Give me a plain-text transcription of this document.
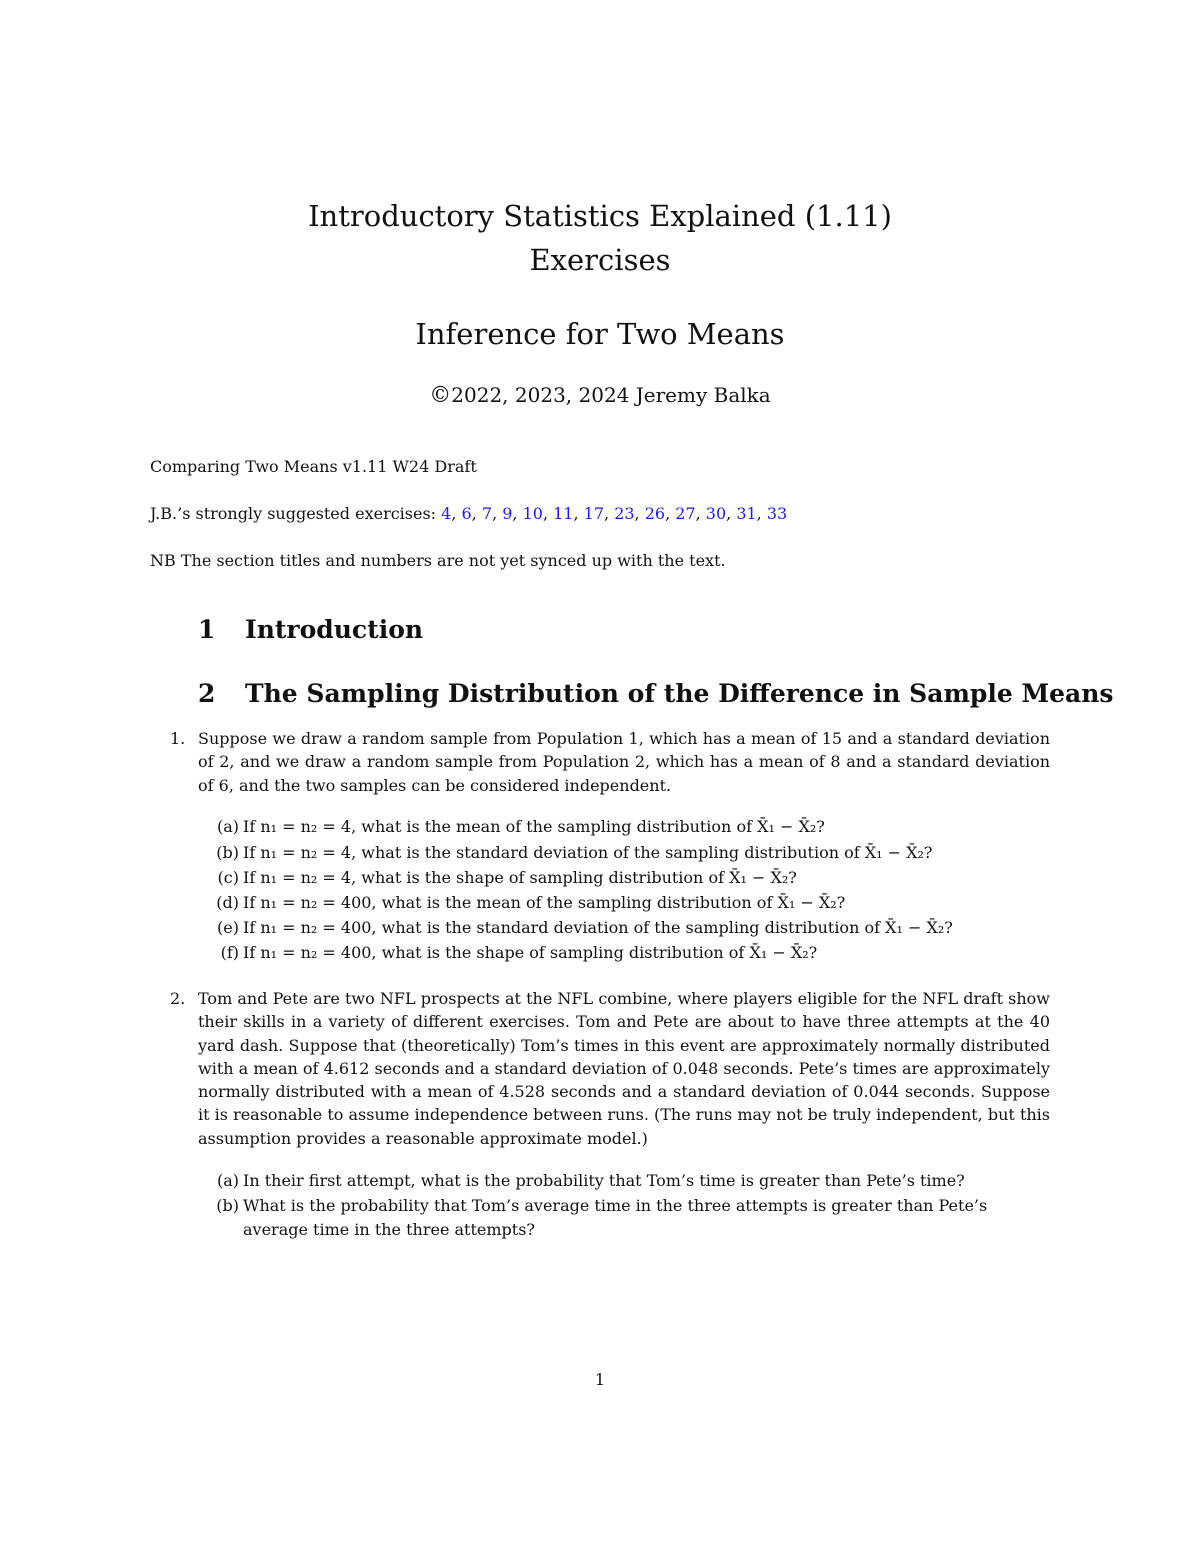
Introductory Statistics Explained (1.11)
Exercises
Inference for Two Means
©2022, 2023, 2024 Jeremy Balka
Comparing Two Means v1.11 W24 Draft
J.B.’s strongly suggested exercises: 4, 6, 7, 9, 10, 11, 17, 23, 26, 27, 30, 31, 33
NB The section titles and numbers are not yet synced up with the text.
1	Introduction
2	The Sampling Distribution of the Difference in Sample Means
1. Suppose we draw a random sample from Population 1, which has a mean of 15 and a standard deviation of 2, and we draw a random sample from Population 2, which has a mean of 8 and a standard deviation of 6, and the two samples can be considered independent.
(a) If n₁ = n₂ = 4, what is the mean of the sampling distribution of X̄₁ − X̄₂?
(b) If n₁ = n₂ = 4, what is the standard deviation of the sampling distribution of X̄₁ − X̄₂?
(c) If n₁ = n₂ = 4, what is the shape of sampling distribution of X̄₁ − X̄₂?
(d) If n₁ = n₂ = 400, what is the mean of the sampling distribution of X̄₁ − X̄₂?
(e) If n₁ = n₂ = 400, what is the standard deviation of the sampling distribution of X̄₁ − X̄₂?
(f) If n₁ = n₂ = 400, what is the shape of sampling distribution of X̄₁ − X̄₂?
2. Tom and Pete are two NFL prospects at the NFL combine, where players eligible for the NFL draft show their skills in a variety of different exercises. Tom and Pete are about to have three attempts at the 40 yard dash. Suppose that (theoretically) Tom’s times in this event are approximately normally distributed with a mean of 4.612 seconds and a standard deviation of 0.048 seconds. Pete’s times are approximately normally distributed with a mean of 4.528 seconds and a standard deviation of 0.044 seconds. Suppose it is reasonable to assume independence between runs. (The runs may not be truly independent, but this assumption provides a reasonable approximate model.)
(a) In their first attempt, what is the probability that Tom’s time is greater than Pete’s time?
(b) What is the probability that Tom’s average time in the three attempts is greater than Pete’s average time in the three attempts?
1
